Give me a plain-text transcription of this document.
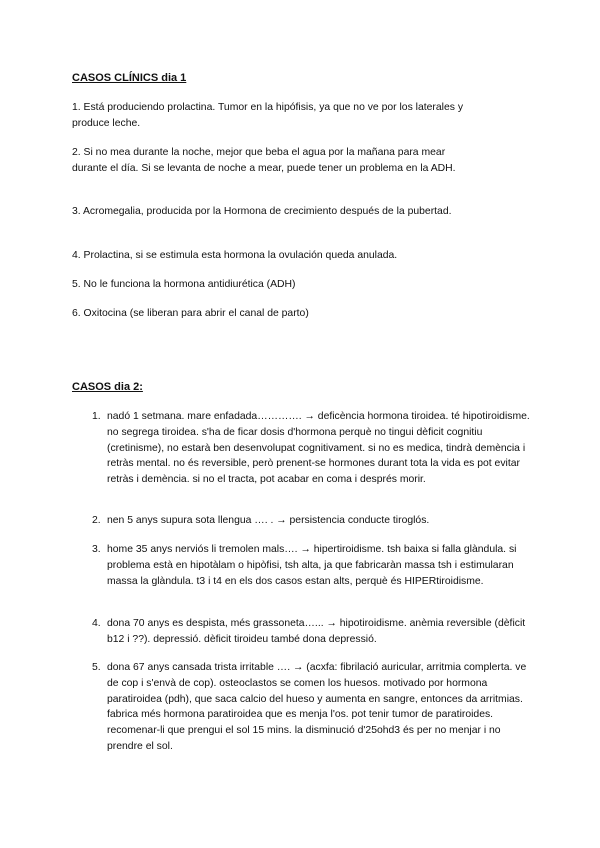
CASOS CLÍNICS dia 1

1. Está produciendo prolactina. Tumor en la hipófisis, ya que no ve por los laterales y produce leche.

2. Si no mea durante la noche, mejor que beba el agua por la mañana para mear durante el día. Si se levanta de noche a mear, puede tener un problema en la ADH.

3. Acromegalia, producida por la Hormona de crecimiento después de la pubertad.

4. Prolactina, si se estimula esta hormona la ovulación queda anulada.

5. No le funciona la hormona antidiurética (ADH)

6. Oxitocina (se liberan para abrir el canal de parto)

CASOS dia 2:
1. nadó 1 setmana. mare enfadada…………. → deficència hormona tiroidea. té hipotiroidisme. no segrega tiroidea. s'ha de ficar dosis d'hormona perquè no tingui dèficit cognitiu (cretinisme), no estarà ben desenvolupat cognitivament. si no es medica, tindrà demència i retràs mental. no és reversible, però prenent-se hormones durant tota la vida es pot evitar retràs i demència. si no el tracta, pot acabar en coma i després morir.
2. nen 5 anys supura sota llengua …. . → persistencia conducte tiroglós.
3. home 35 anys nerviós li tremolen mals…. → hipertiroidisme. tsh baixa si falla glàndula. si problema està en hipotàlam o hipòfisi, tsh alta, ja que fabricaràn massa tsh i estimularan massa la glàndula. t3 i t4 en els dos casos estan alts, perquè és HIPERtiroidisme.
4. dona 70 anys es despista, més grassoneta…... → hipotiroidisme. anèmia reversible (dèficit b12 i ??). depressió. dèficit tiroideu també dona depressió.
5. dona 67 anys cansada trista irritable …. → (acxfa: fibrilació auricular, arritmia complerta. ve de cop i s'envà de cop). osteoclastos se comen los huesos. motivado por hormona paratiroidea (pdh), que saca calcio del hueso y aumenta en sangre, entonces da arritmias. fabrica més hormona paratiroidea que es menja l'os. pot tenir tumor de paratiroides. recomenar-li que prengui el sol 15 mins. la disminució d'25ohd3 és per no menjar i no prendre el sol.
